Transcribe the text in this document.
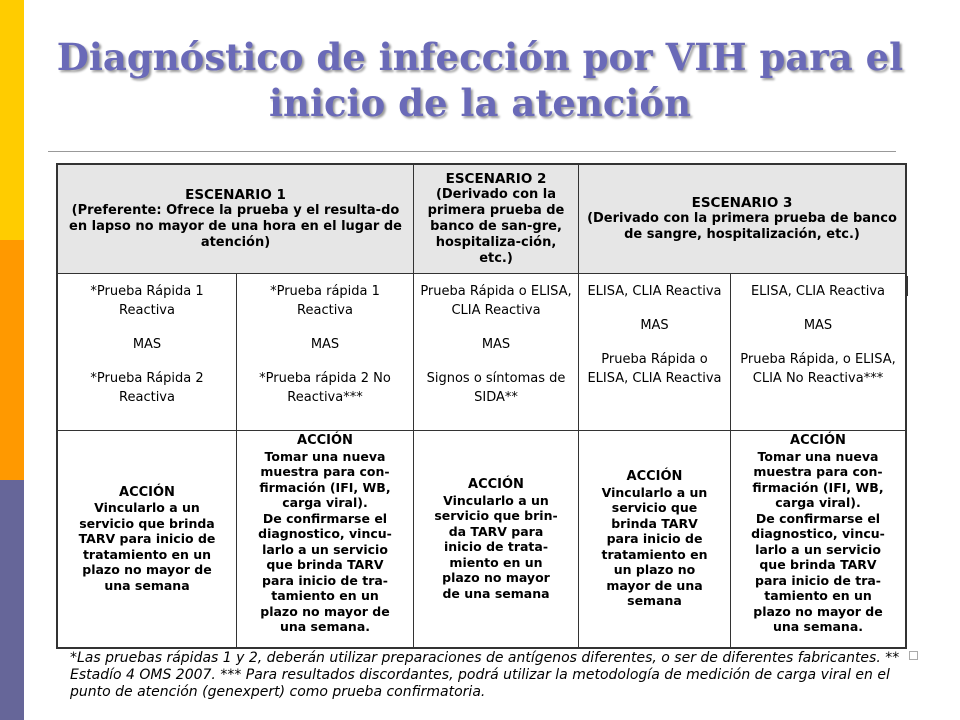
Diagnóstico de infección por VIH para el inicio de la atención
ESCENARIO 1
(Preferente: Ofrece la prueba y el resulta-do en lapso no mayor de una hora en el lugar de atención)
ESCENARIO 2
(Derivado con la primera prueba de banco de san-gre, hospitaliza-ción, etc.)
ESCENARIO 3
(Derivado con la primera prueba de banco de sangre, hospitalización, etc.)

*Prueba Rápida 1 Reactiva

MAS

*Prueba Rápida 2 Reactiva

*Prueba rápida 1 Reactiva

MAS

*Prueba rápida 2 No Reactiva***

Prueba Rápida o ELISA, CLIA Reactiva

MAS

Signos o síntomas de SIDA**

ELISA, CLIA Reactiva

MAS

Prueba Rápida o ELISA, CLIA Reactiva

ELISA, CLIA Reactiva

MAS

Prueba Rápida, o ELISA, CLIA No Reactiva***

ACCIÓN
Vincularlo a un
servicio que brinda
TARV para inicio de
tratamiento en un
plazo no mayor de
una semana
ACCIÓN
Tomar una nueva
muestra para con-
firmación (IFI, WB,
carga viral).
De confirmarse el
diagnostico, vincu-
larlo a un servicio
que brinda TARV
para inicio de tra-
tamiento en un
plazo no mayor de
una semana.
ACCIÓN
Vincularlo a un
servicio que brin-
da TARV para
inicio de trata-
miento en un
plazo no mayor
de una semana
ACCIÓN
Vincularlo a un
servicio que
brinda TARV
para inicio de
tratamiento en
un plazo no
mayor de una
semana
ACCIÓN
Tomar una nueva
muestra para con-
firmación (IFI, WB,
carga viral).
De confirmarse el
diagnostico, vincu-
larlo a un servicio
que brinda TARV
para inicio de tra-
tamiento en un
plazo no mayor de
una semana.
*Las pruebas rápidas 1 y 2, deberán utilizar preparaciones de antígenos diferentes, o ser de diferentes fabricantes. ** Estadío 4 OMS 2007. *** Para resultados discordantes, podrá utilizar la metodología de medición de carga viral en el punto de atención (genexpert) como prueba confirmatoria.
